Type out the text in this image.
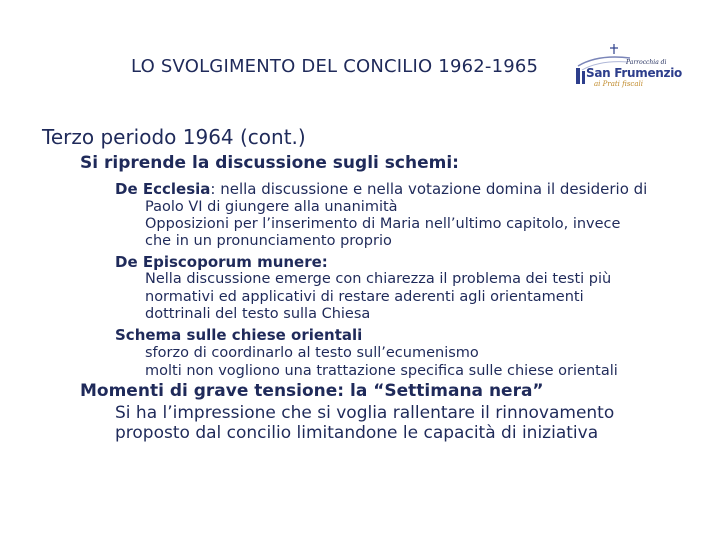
LO SVOLGIMENTO DEL CONCILIO 1962-1965	Parrocchia di
San Frumenzio
ai Prati fiscali
Terzo periodo 1964 (cont.)
Si riprende la discussione sugli schemi:
De Ecclesia: nella discussione e nella votazione domina il desiderio di
Paolo VI di giungere alla unanimità
Opposizioni per l’inserimento di Maria nell’ultimo capitolo, invece
che in un pronunciamento proprio
De Episcoporum munere:
Nella discussione emerge con chiarezza il problema dei testi più
normativi ed applicativi di restare aderenti agli orientamenti
dottrinali del testo sulla Chiesa
Schema sulle chiese orientali
sforzo di coordinarlo al testo sull’ecumenismo
molti non vogliono una trattazione specifica sulle chiese orientali
Momenti di grave tensione: la “Settimana nera”
Si ha l’impressione che si voglia rallentare il rinnovamento
proposto dal concilio limitandone le capacità di iniziativa
